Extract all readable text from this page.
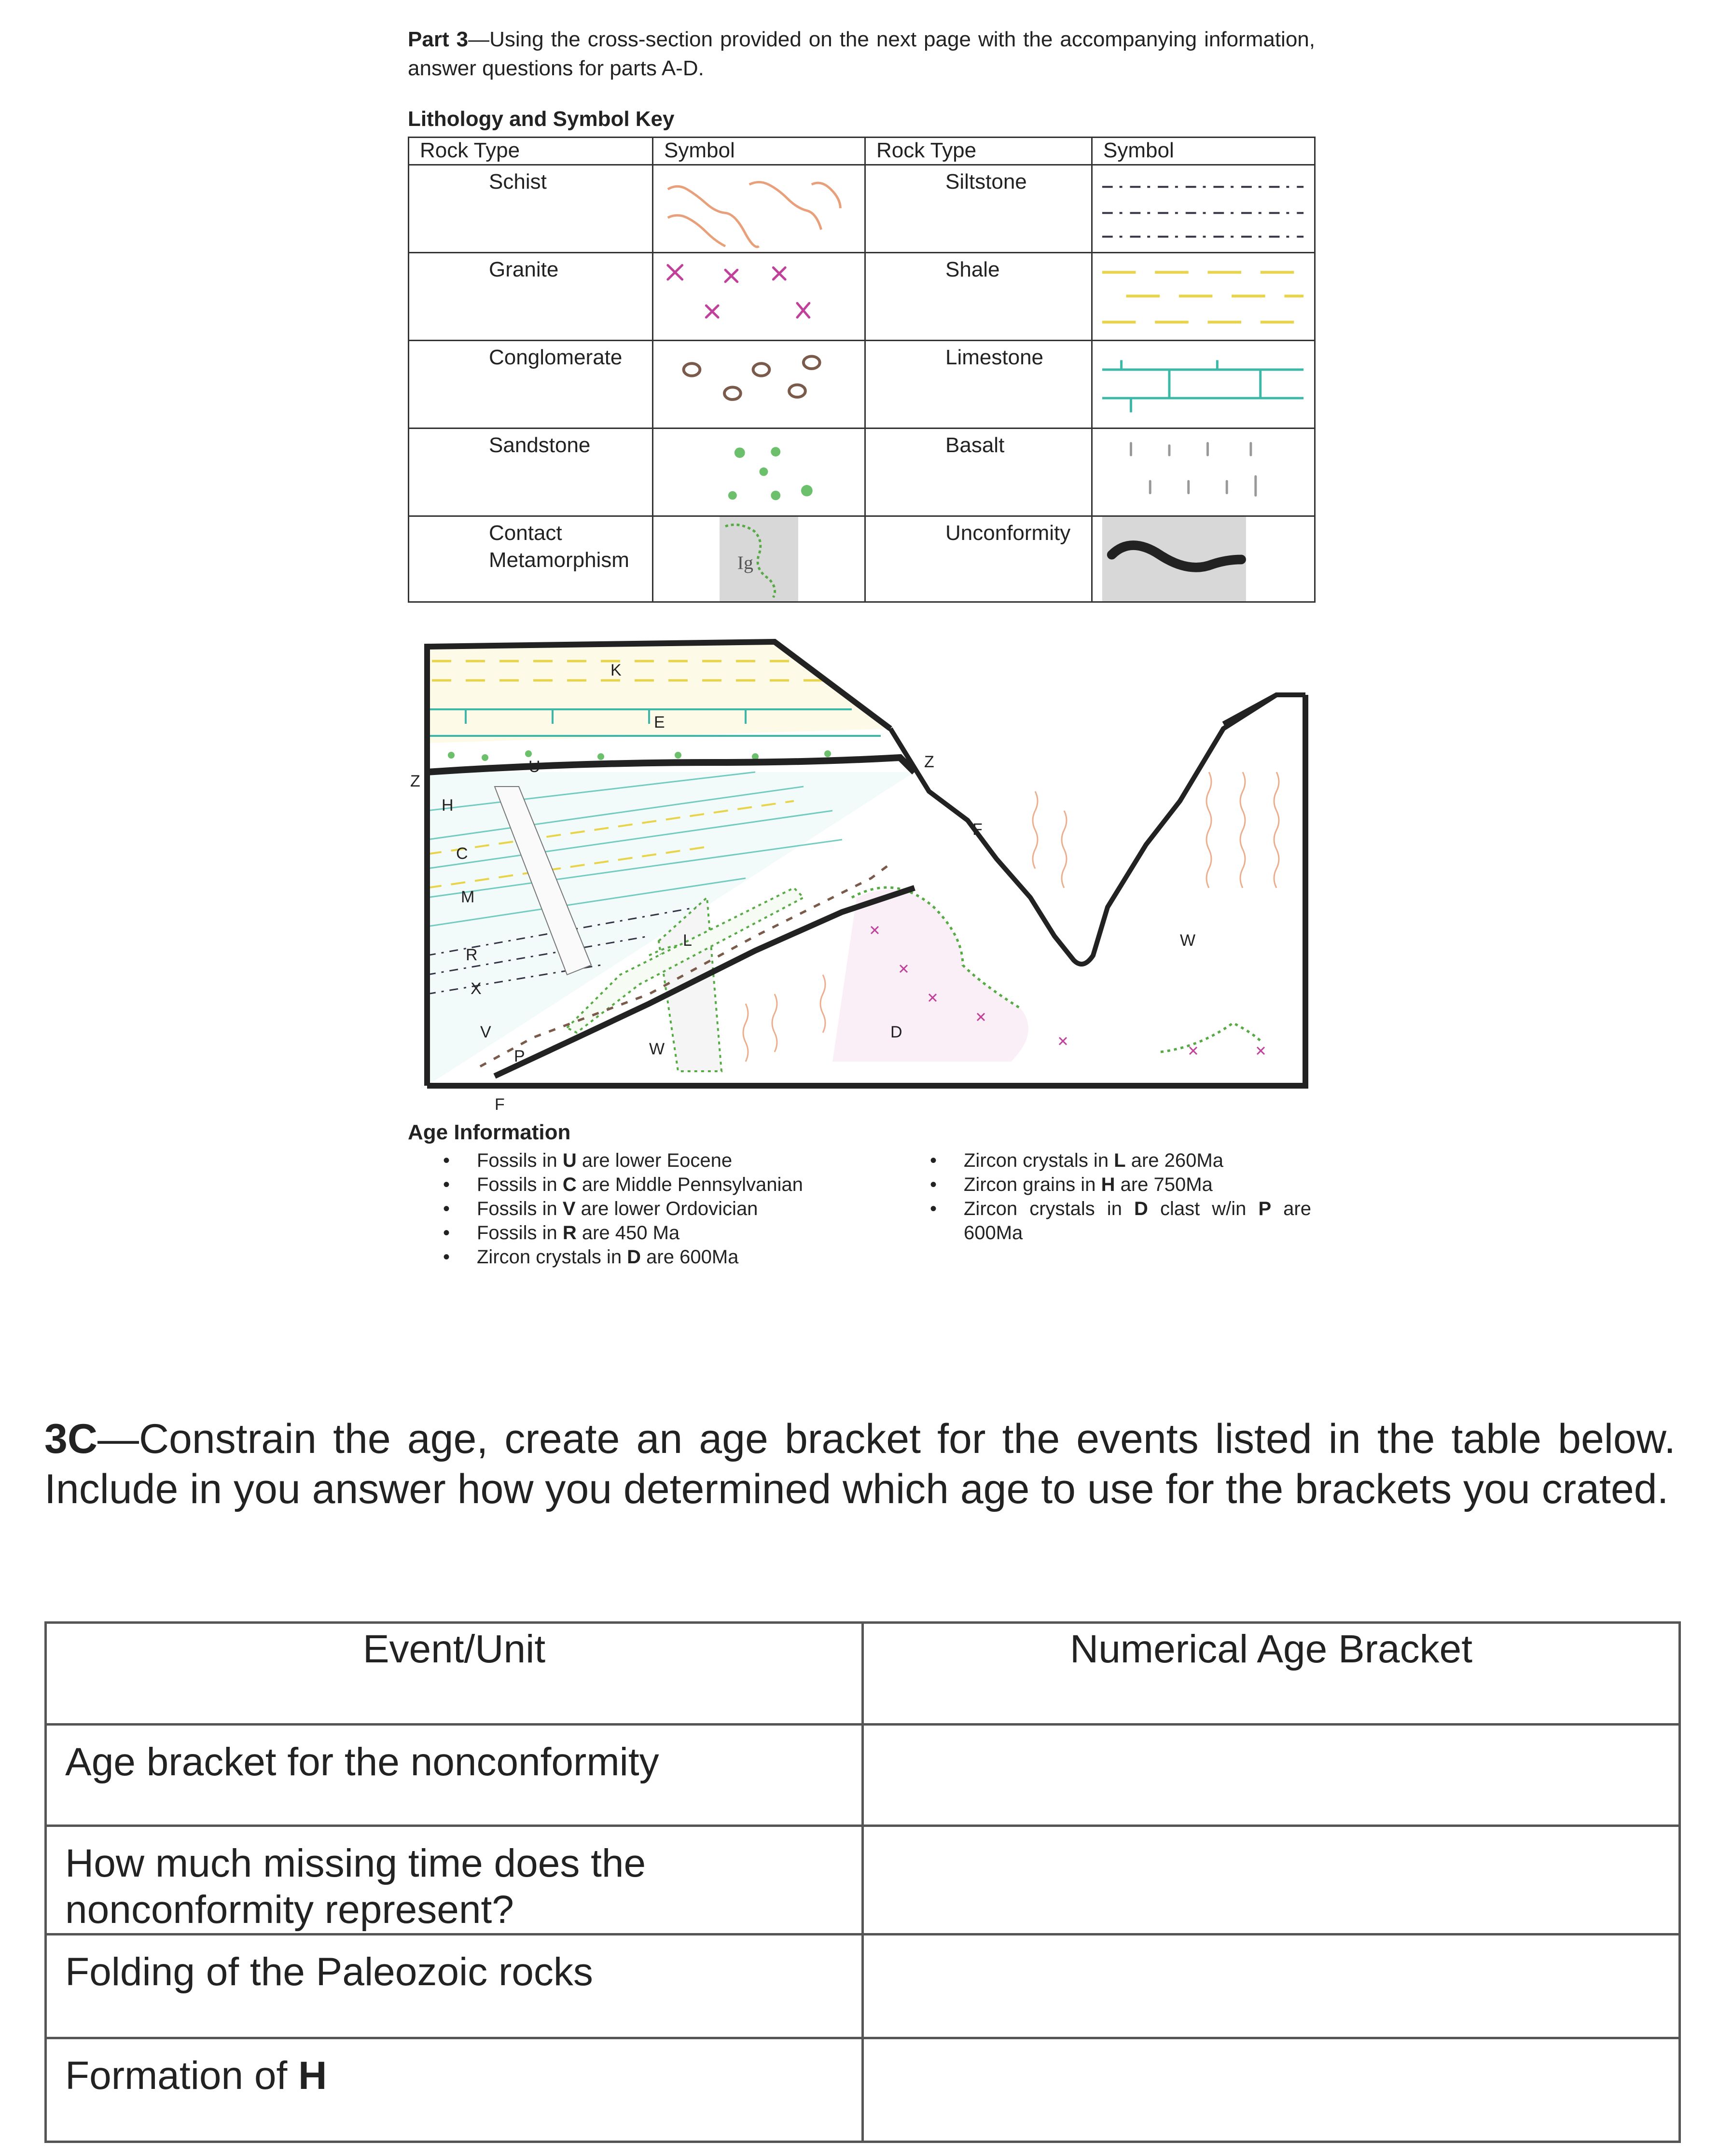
Part 3—Using the cross-section provided on the next page with the accompanying information, answer questions for parts A-D.
Lithology and Symbol Key
Rock Type	Symbol	Rock Type	Symbol
Schist		Siltstone	

Granite		Shale	

Conglomerate		Limestone	

Sandstone		Basalt	

Contact Metamorphism	Ig	Unconformity	
K
E
U
Z
Z
H
C
M
R
X
V
P
F
F
W
L
D
W
Age Information
• Fossils in U are lower Eocene
• Fossils in C are Middle Pennsylvanian
• Fossils in V are lower Ordovician
• Fossils in R are 450 Ma
• Zircon crystals in D are 600Ma
• Zircon crystals in L are 260Ma
• Zircon grains in H are 750Ma
• Zircon crystals in D clast w/in P are 600Ma
3C—Constrain the age, create an age bracket for the events listed in the table below. Include in you answer how you determined which age to use for the brackets you crated.
Event/Unit	Numerical Age Bracket
Age bracket for the nonconformity	
How much missing time does the nonconformity represent?	
Folding of the Paleozoic rocks	
Formation of H	
